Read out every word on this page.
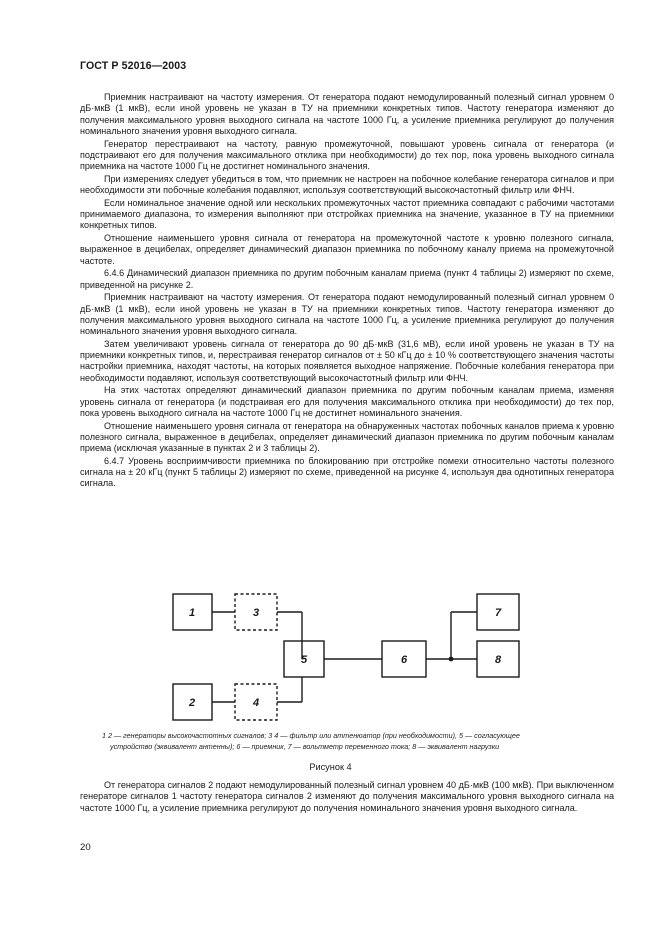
ГОСТ Р 52016—2003

Приемник настраивают на частоту измерения. От генератора подают немодулированный полезный сигнал уровнем 0 дБ·мкВ (1 мкВ), если иной уровень не указан в ТУ на приемники конкретных типов. Частоту генератора изменяют до получения максимального уровня выходного сигнала на частоте 1000 Гц, а усиление приемника регулируют до получения номинального значения уровня выходного сигнала.

Генератор перестраивают на частоту, равную промежуточной, повышают уровень сигнала от генератора (и подстраивают его для получения максимального отклика при необходимости) до тех пор, пока уровень выходного сигнала приемника на частоте 1000 Гц не достигнет номинального значения.

При измерениях следует убедиться в том, что приемник не настроен на побочное колебание генератора сигналов и при необходимости эти побочные колебания подавляют, используя соответствующий высокочастотный фильтр или ФНЧ.

Если номинальное значение одной или нескольких промежуточных частот приемника совпадают с рабочими частотами принимаемого диапазона, то измерения выполняют при отстройках приемника на значение, указанное в ТУ на приемники конкретных типов.

Отношение наименьшего уровня сигнала от генератора на промежуточной частоте к уровню полезного сигнала, выраженное в децибелах, определяет динамический диапазон приемника по побочному каналу приема на промежуточной частоте.

6.4.6 Динамический диапазон приемника по другим побочным каналам приема (пункт 4 таблицы 2) измеряют по схеме, приведенной на рисунке 2.

Приемник настраивают на частоту измерения. От генератора подают немодулированный полезный сигнал уровнем 0 дБ·мкВ (1 мкВ), если иной уровень не указан в ТУ на приемники конкретных типов. Частоту генератора изменяют до получения максимального уровня выходного сигнала на частоте 1000 Гц, а усиление приемника регулируют до получения номинального значения уровня выходного сигнала.

Затем увеличивают уровень сигнала от генератора до 90 дБ·мкВ (31,6 мВ), если иной уровень не указан в ТУ на приемники конкретных типов, и, перестраивая генератор сигналов от ± 50 кГц до ± 10 % соответствующего значения частоты настройки приемника, находят частоты, на которых появляется выходное напряжение. Побочные колебания генератора при необходимости подавляют, используя соответствующий высокочастотный фильтр или ФНЧ.

На этих частотах определяют динамический диапазон приемника по другим побочным каналам приема, изменяя уровень сигнала от генератора (и подстраивая его для получения максимального отклика при необходимости) до тех пор, пока уровень выходного сигнала на частоте 1000 Гц не достигнет номинального значения.

Отношение наименьшего уровня сигнала от генератора на обнаруженных частотах побочных каналов приема к уровню полезного сигнала, выраженное в децибелах, определяет динамический диапазон приемника по другим побочным каналам приема (исключая указанные в пунктах 2 и 3 таблицы 2).

6.4.7 Уровень восприимчивости приемника по блокированию при отстройке помехи относительно частоты полезного сигнала на ± 20 кГц (пункт 5 таблицы 2) измеряют по схеме, приведенной на рисунке 4, используя два однотипных генератора сигнала.

1
2
3
4
5	6
7
8
1 2 — генераторы высокочастотных сигналов; 3 4 — фильтр или аттенюатор (при необходимости), 5 — согласующее
устройство (эквивалент антенны); 6 — приемник, 7 — вольтметр переменного тока; 8 — эквивалент нагрузки
Рисунок 4

От генератора сигналов 2 подают немодулированный полезный сигнал уровнем 40 дБ·мкВ (100 мкВ). При выключенном генераторе сигналов 1 частоту генератора сигналов 2 изменяют до получения максимального уровня выходного сигнала на частоте 1000 Гц, а усиление приемника регулируют до получения номинального значения уровня выходного сигнала.

20
